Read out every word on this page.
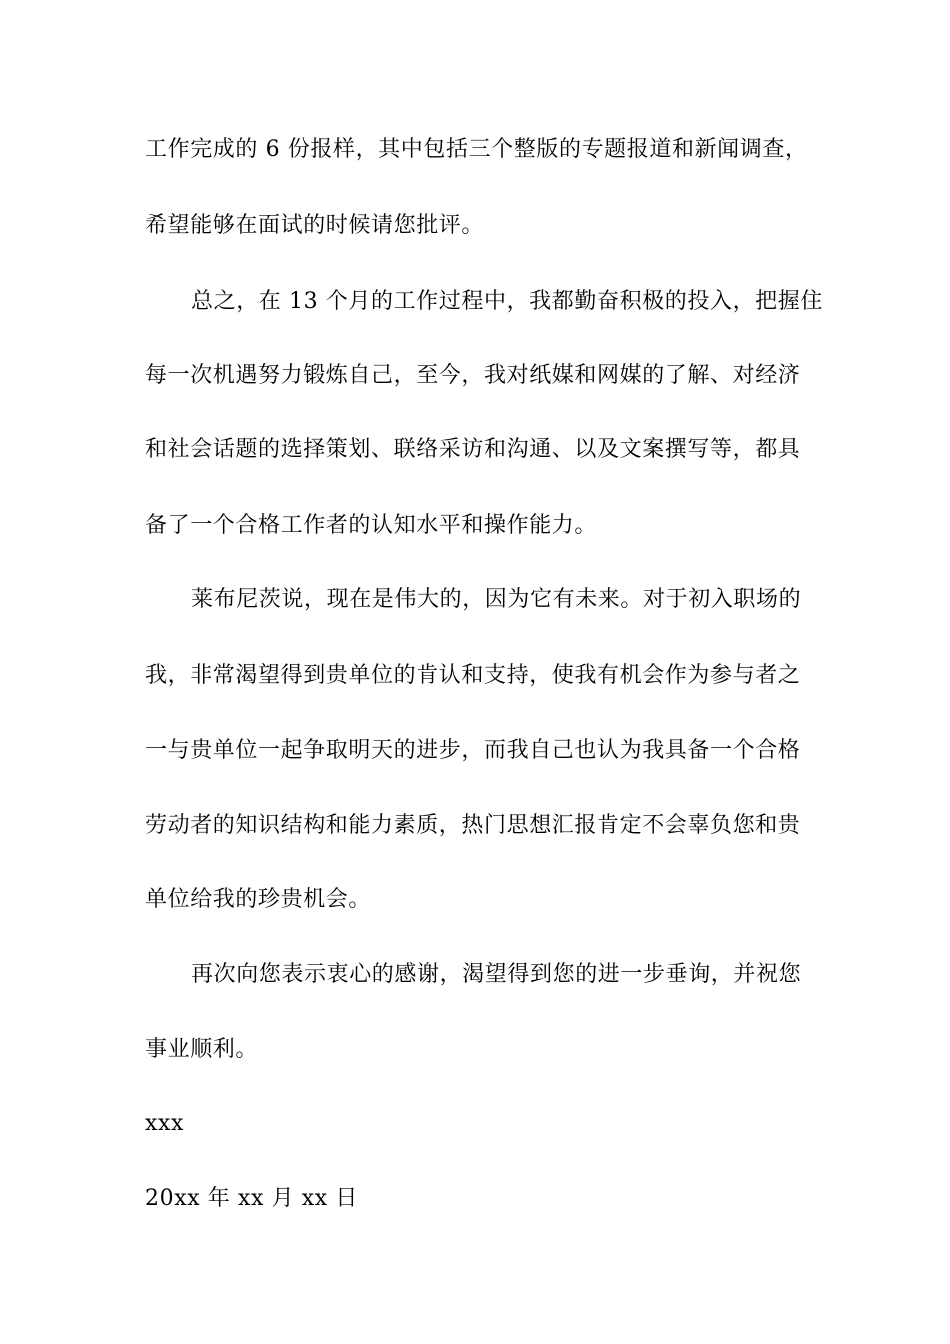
工作完成的 6 份报样，其中包括三个整版的专题报道和新闻调查，
希望能够在面试的时候请您批评。
总之，在 13 个月的工作过程中，我都勤奋积极的投入，把握住
每一次机遇努力锻炼自己，至今，我对纸媒和网媒的了解、对经济
和社会话题的选择策划、联络采访和沟通、以及文案撰写等，都具
备了一个合格工作者的认知水平和操作能力。
莱布尼茨说，现在是伟大的，因为它有未来。对于初入职场的
我，非常渴望得到贵单位的肯认和支持，使我有机会作为参与者之
一与贵单位一起争取明天的进步，而我自己也认为我具备一个合格
劳动者的知识结构和能力素质，热门思想汇报肯定不会辜负您和贵
单位给我的珍贵机会。
再次向您表示衷心的感谢，渴望得到您的进一步垂询，并祝您
事业顺利。
xxx
20xx 年 xx 月 xx 日
